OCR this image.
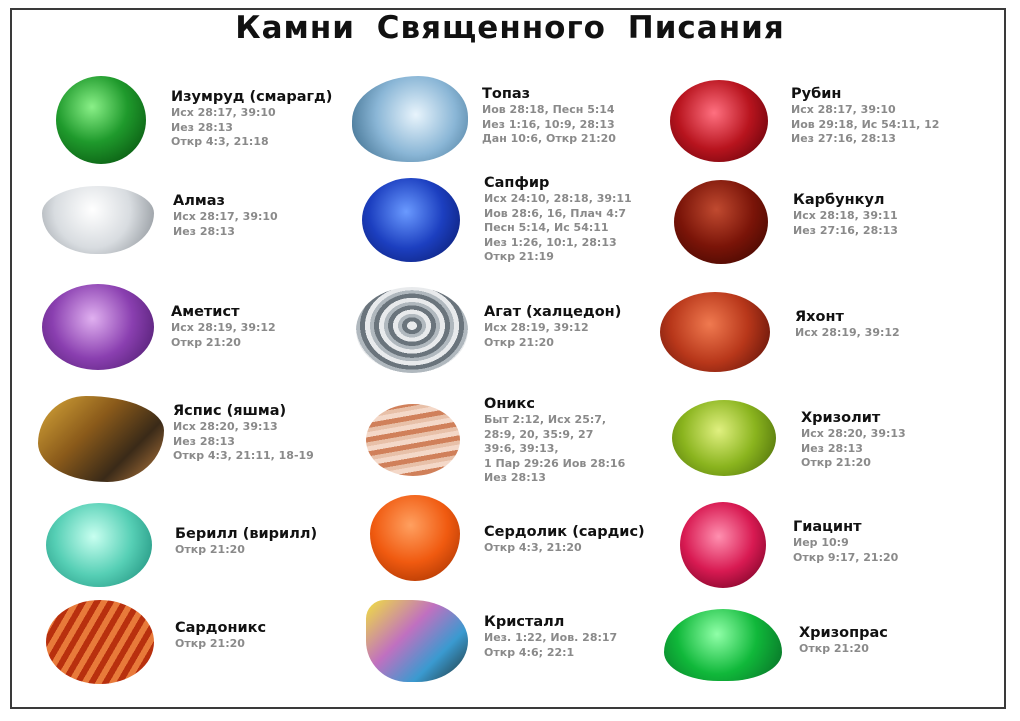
Камни Священного Писания
Изумруд (смарагд)
Исх 28:17, 39:10
Иез 28:13
Откр 4:3, 21:18
Алмаз
Исх 28:17, 39:10
Иез 28:13
Аметист
Исх 28:19, 39:12
Откр 21:20
Яспис (яшма)
Исх 28:20, 39:13
Иез 28:13
Откр 4:3, 21:11, 18-19
Берилл (вирилл)
Откр 21:20
Сардоникс
Откр 21:20
Топаз
Иов 28:18, Песн 5:14
Иез 1:16, 10:9, 28:13
Дан 10:6, Откр 21:20
Сапфир
Исх 24:10, 28:18, 39:11
Иов 28:6, 16, Плач 4:7
Песн 5:14, Ис 54:11
Иез 1:26, 10:1, 28:13
Откр 21:19
Агат (халцедон)
Исх 28:19, 39:12
Откр 21:20
Оникс
Быт 2:12, Исх 25:7,
28:9, 20, 35:9, 27
39:6, 39:13,
1 Пар 29:26 Иов 28:16
Иез 28:13
Сердолик (сардис)
Откр 4:3, 21:20
Кристалл
Иез. 1:22, Иов. 28:17
Откр 4:6; 22:1
Рубин
Исх 28:17, 39:10
Иов 29:18, Ис 54:11, 12
Иез 27:16, 28:13
Карбункул
Исх 28:18, 39:11
Иез 27:16, 28:13
Яхонт
Исх 28:19, 39:12
Хризолит
Исх 28:20, 39:13
Иез 28:13
Откр 21:20
Гиацинт
Иер 10:9
Откр 9:17, 21:20
Хризопрас
Откр 21:20
